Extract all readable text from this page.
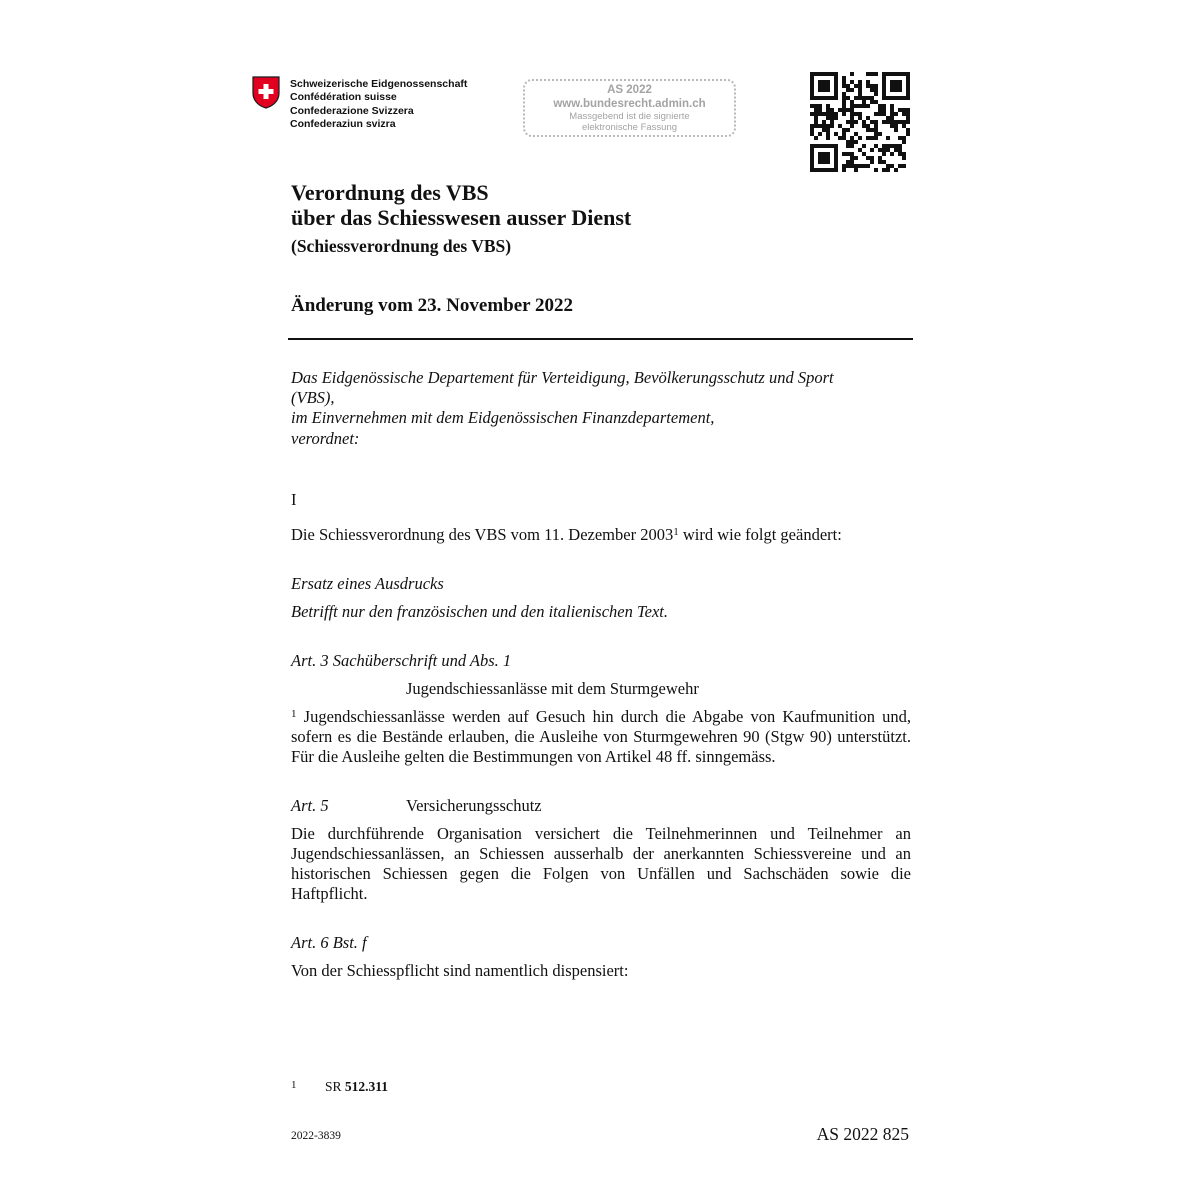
Schweizerische Eidgenossenschaft
Confédération suisse
Confederazione Svizzera
Confederaziun svizra
AS 2022
www.bundesrecht.admin.ch
Massgebend ist die signierte
elektronische Fassung
Verordnung des VBS
über das Schiesswesen ausser Dienst
(Schiessverordnung des VBS)
Änderung vom 23. November 2022
Das Eidgenössische Departement für Verteidigung, Bevölkerungsschutz und Sport
(VBS),
im Einvernehmen mit dem Eidgenössischen Finanzdepartement,
verordnet:
I
Die Schiessverordnung des VBS vom 11. Dezember 2003$^1$ wird wie folgt geändert:
Ersatz eines Ausdrucks
Betrifft nur den französischen und den italienischen Text.
Art. 3 Sachüberschrift und Abs. 1
Jugendschiessanlässe mit dem Sturmgewehr
$^1$ Jugendschiessanlässe werden auf Gesuch hin durch die Abgabe von Kaufmunition und, sofern es die Bestände erlauben, die Ausleihe von Sturmgewehren 90 (Stgw 90) unterstützt. Für die Ausleihe gelten die Bestimmungen von Artikel 48 ff. sinngemäss.
Art. 5	Versicherungsschutz
Die durchführende Organisation versichert die Teilnehmerinnen und Teilnehmer an Jugendschiessanlässen, an Schiessen ausserhalb der anerkannten Schiessvereine und an historischen Schiessen gegen die Folgen von Unfällen und Sachschäden sowie die Haftpflicht.
Art. 6 Bst. f
Von der Schiesspflicht sind namentlich dispensiert:
1 SR 512.311
2022-3839	AS 2022 825
